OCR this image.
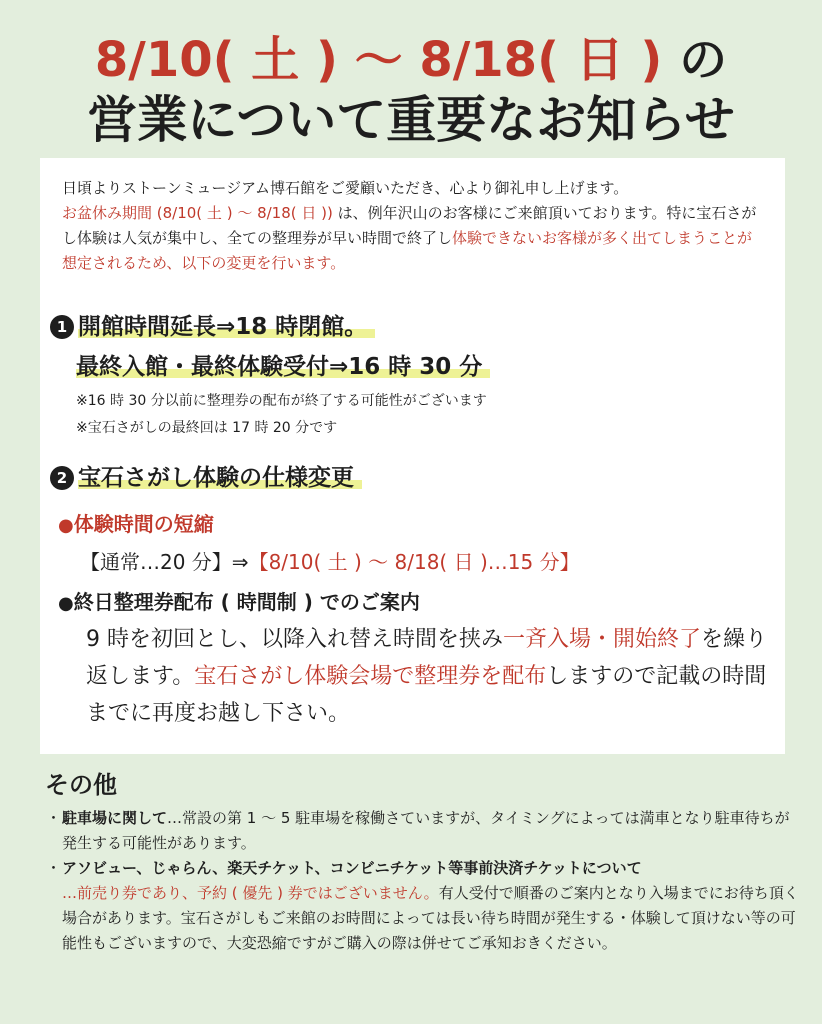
8/10( 土 ) ～ 8/18( 日 ) の
営業について重要なお知らせ
日頃よりストーンミュージアム博石館をご愛顧いただき、心より御礼申し上げます。
お盆休み期間 (8/10( 土 ) ～ 8/18( 日 )) は、例年沢山のお客様にご来館頂いております。特に宝石さがし体験は人気が集中し、全ての整理券が早い時間で終了し体験できないお客様が多く出てしまうことが想定されるため、以下の変更を行います。
1 開館時間延長⇒18 時閉館。
最終入館・最終体験受付⇒16 時 30 分
※16 時 30 分以前に整理券の配布が終了する可能性がございます
※宝石さがしの最終回は 17 時 20 分です
2 宝石さがし体験の仕様変更
●体験時間の短縮
【通常…20 分】⇒【8/10( 土 ) ～ 8/18( 日 )…15 分】
●終日整理券配布 ( 時間制 ) でのご案内
9 時を初回とし、以降入れ替え時間を挟み一斉入場・開始終了を繰り返します。宝石さがし体験会場で整理券を配布しますので記載の時間までに再度お越し下さい。
その他
・ 駐車場に関して…常設の第 1 ～ 5 駐車場を稼働さていますが、タイミングによっては満車となり駐車待ちが発生する可能性があります。
・ アソビュー、じゃらん、楽天チケット、コンビニチケット等事前決済チケットについて
…前売り券であり、予約 ( 優先 ) 券ではございません。有人受付で順番のご案内となり入場までにお待ち頂く場合があります。宝石さがしもご来館のお時間によっては長い待ち時間が発生する・体験して頂けない等の可能性もございますので、大変恐縮ですがご購入の際は併せてご承知おきください。
